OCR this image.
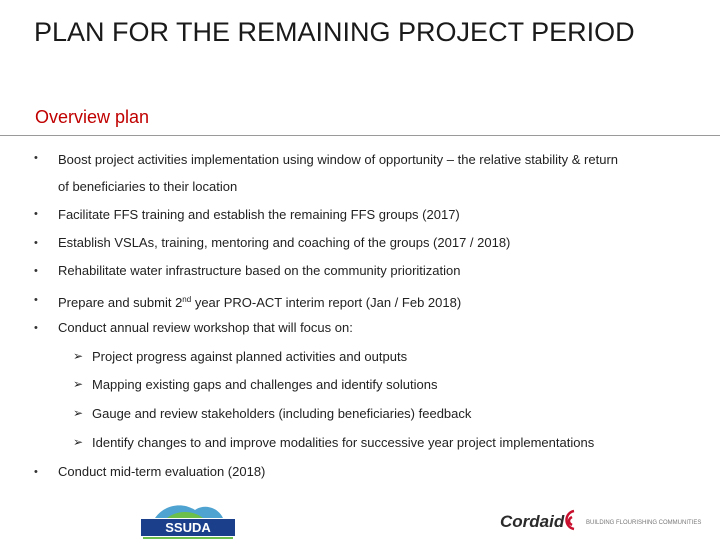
PLAN FOR THE REMAINING PROJECT PERIOD
Overview plan
• Boost project activities implementation using window of opportunity – the relative stability & return
of beneficiaries to their location
• Facilitate FFS training and establish the remaining FFS groups (2017)
• Establish VSLAs, training, mentoring and coaching of the groups (2017 / 2018)
• Rehabilitate water infrastructure based on the community prioritization
• Prepare and submit 2nd year PRO-ACT interim report (Jan / Feb 2018)
• Conduct annual review workshop that will focus on:
➢ Project progress against planned activities and outputs
➢ Mapping existing gaps and challenges and identify solutions
➢ Gauge and review stakeholders (including beneficiaries) feedback
➢ Identify changes to and improve modalities for successive year project implementations
• Conduct mid-term evaluation (2018)
SSUDA	Cordaid	BUILDING FLOURISHING COMMUNITIES
